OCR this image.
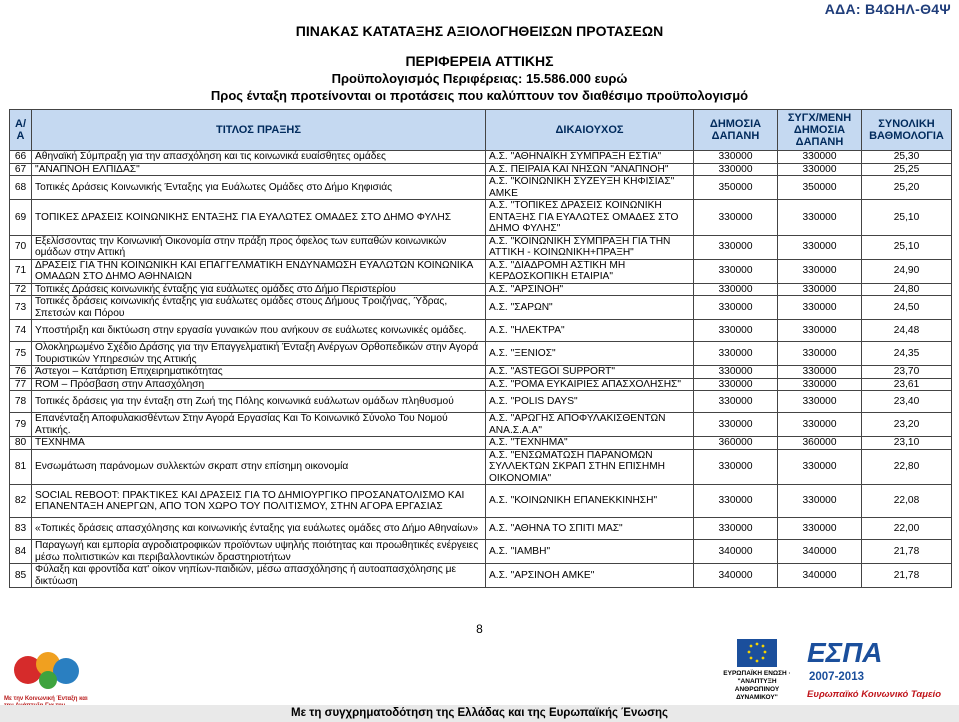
ΑΔΑ: Β4ΩΗΛ-Θ4Ψ
ΠΙΝΑΚΑΣ ΚΑΤΑΤΑΞΗΣ ΑΞΙΟΛΟΓΗΘΕΙΣΩΝ ΠΡΟΤΑΣΕΩΝ
ΠΕΡΙΦΕΡΕΙΑ ΑΤΤΙΚΗΣ
Προϋπολογισμός Περιφέρειας: 15.586.000 ευρώ
Προς ένταξη προτείνονται οι προτάσεις που καλύπτουν τον διαθέσιμο προϋπολογισμό
Α/Α	ΤΙΤΛΟΣ ΠΡΑΞΗΣ	ΔΙΚΑΙΟΥΧΟΣ	ΔΗΜΟΣΙΑ ΔΑΠΑΝΗ	ΣΥΓΧ/ΜΕΝΗ ΔΗΜΟΣΙΑ ΔΑΠΑΝΗ	ΣΥΝΟΛΙΚΗ ΒΑΘΜΟΛΟΓΙΑ
66	Αθηναϊκή Σύμπραξη για την απασχόληση και τις κοινωνικά ευαίσθητες ομάδες	Α.Σ. "ΑΘΗΝΑΪΚΗ ΣΥΜΠΡΑΞΗ ΕΣΤΙΑ"	330000	330000	25,30
67	"ΑΝΑΠΝΟΗ ΕΛΠΙΔΑΣ"	Α.Σ. ΠΕΙΡΑΙΑ ΚΑΙ ΝΗΣΩΝ "ΑΝΑΠΝΟΗ"	330000	330000	25,25
68	Τοπικές Δράσεις Κοινωνικής Ένταξης για Ευάλωτες Ομάδες στο Δήμο Κηφισιάς	Α.Σ. "ΚΟΙΝΩΝΙΚΗ ΣΥΖΕΥΞΗ ΚΗΦΙΣΙΑΣ" ΑΜΚΕ	350000	350000	25,20
69	ΤΟΠΙΚΕΣ ΔΡΑΣΕΙΣ ΚΟΙΝΩΝΙΚΗΣ ΕΝΤΑΞΗΣ ΓΙΑ ΕΥΑΛΩΤΕΣ ΟΜΑΔΕΣ ΣΤΟ ΔΗΜΟ ΦΥΛΗΣ	Α.Σ. "ΤΟΠΙΚΕΣ ΔΡΑΣΕΙΣ ΚΟΙΝΩΝΙΚΗ ΕΝΤΑΞΗΣ ΓΙΑ ΕΥΑΛΩΤΕΣ ΟΜΑΔΕΣ ΣΤΟ ΔΗΜΟ ΦΥΛΗΣ"	330000	330000	25,10
70	Εξελίσσοντας την Κοινωνική Οικονομία στην πράξη προς όφελος των ευπαθών κοινωνικών ομάδων στην Αττική	Α.Σ. "ΚΟΙΝΩΝΙΚΗ ΣΥΜΠΡΑΞΗ ΓΙΑ ΤΗΝ ΑΤΤΙΚΗ - ΚΟΙΝΩΝΙΚΗ+ΠΡΑΞΗ"	330000	330000	25,10
71	ΔΡΑΣΕΙΣ ΓΙΑ ΤΗΝ ΚΟΙΝΩΝΙΚΗ ΚΑΙ ΕΠΑΓΓΕΛΜΑΤΙΚΗ ΕΝΔΥΝΑΜΩΣΗ ΕΥΑΛΩΤΩΝ ΚΟΙΝΩΝΙΚΑ ΟΜΑΔΩΝ ΣΤΟ ΔΗΜΟ ΑΘΗΝΑΙΩΝ	Α.Σ. "ΔΙΑΔΡΟΜΗ ΑΣΤΙΚΗ ΜΗ ΚΕΡΔΟΣΚΟΠΙΚΗ ΕΤΑΙΡΙΑ"	330000	330000	24,90
72	Τοπικές Δράσεις κοινωνικής ένταξης για ευάλωτες ομάδες στο Δήμο Περιστερίου	Α.Σ. "ΑΡΣΙΝΟΗ"	330000	330000	24,80
73	Τοπικές δράσεις κοινωνικής ένταξης για ευάλωτες ομάδες στους Δήμους Τροιζήνας, Ύδρας, Σπετσών και Πόρου	Α.Σ. "ΣΑΡΩΝ"	330000	330000	24,50
74	Υποστήριξη και δικτύωση στην εργασία γυναικών που ανήκουν σε ευάλωτες κοινωνικές ομάδες.	Α.Σ. "ΗΛΕΚΤΡΑ"	330000	330000	24,48
75	Ολοκληρωμένο Σχέδιο Δράσης για την Επαγγελματική Ένταξη Ανέργων Ορθοπεδικών στην Αγορά Τουριστικών Υπηρεσιών της Αττικής	Α.Σ. "ΞΕΝΙΟΣ"	330000	330000	24,35
76	Άστεγοι – Κατάρτιση Επιχειρηματικότητας	Α.Σ. "ASTEGOI SUPPORT"	330000	330000	23,70
77	ROM – Πρόσβαση στην Απασχόληση	Α.Σ. "ΡΟΜΑ ΕΥΚΑΙΡΙΕΣ ΑΠΑΣΧΟΛΗΣΗΣ"	330000	330000	23,61
78	Τοπικές δράσεις για την ένταξη στη Ζωή της Πόλης κοινωνικά ευάλωτων ομάδων πληθυσμού	Α.Σ. "POLIS DAYS"	330000	330000	23,40
79	Επανένταξη Αποφυλακισθέντων Στην Αγορά Εργασίας Και Το Κοινωνικό Σύνολο Του Νομού Αττικής.	Α.Σ. "ΑΡΩΓΗΣ ΑΠΟΦΥΛΑΚΙΣΘΕΝΤΩΝ ΑΝΑ.Σ.Α.Α"	330000	330000	23,20
80	ΤΕΧΝΗΜΑ	Α.Σ. "ΤΕΧΝΗΜΑ"	360000	360000	23,10
81	Ενσωμάτωση παράνομων συλλεκτών σκραπ στην επίσημη οικονομία	Α.Σ. "ΕΝΣΩΜΑΤΩΣΗ ΠΑΡΑΝΟΜΩΝ ΣΥΛΛΕΚΤΩΝ ΣΚΡΑΠ ΣΤΗΝ ΕΠΙΣΗΜΗ ΟΙΚΟΝΟΜΙΑ"	330000	330000	22,80
82	SOCIAL REBOOT: ΠΡΑΚΤΙΚΕΣ ΚΑΙ ΔΡΑΣΕΙΣ ΓΙΑ ΤΟ ΔΗΜΙΟΥΡΓΙΚΟ ΠΡΟΣΑΝΑΤΟΛΙΣΜΟ ΚΑΙ ΕΠΑΝΕΝΤΑΞΗ ΑΝΕΡΓΩΝ, ΑΠΟ ΤΟΝ ΧΩΡΟ ΤΟΥ ΠΟΛΙΤΙΣΜΟΥ, ΣΤΗΝ ΑΓΟΡΑ ΕΡΓΑΣΙΑΣ	Α.Σ. "ΚΟΙΝΩΝΙΚΗ ΕΠΑΝΕΚΚΙΝΗΣΗ"	330000	330000	22,08
83	«Τοπικές δράσεις απασχόλησης και κοινωνικής ένταξης για ευάλωτες ομάδες στο Δήμο Αθηναίων»	Α.Σ. "ΑΘΗΝΑ ΤΟ ΣΠΙΤΙ ΜΑΣ"	330000	330000	22,00
84	Παραγωγή και εμπορία αγροδιατροφικών προϊόντων υψηλής ποιότητας και προωθητικές ενέργειες μέσω πολιτιστικών και περιβαλλοντικών δραστηριοτήτων	Α.Σ. "ΙΑΜΒΗ"	340000	340000	21,78
85	Φύλαξη και φροντίδα κατ' οίκον νηπίων-παιδιών, μέσω απασχόλησης ή αυτοαπασχόλησης με δικτύωση	Α.Σ. "ΑΡΣΙΝΟΗ ΑΜΚΕ"	340000	340000	21,78
8
Με την Κοινωνική Ένταξη και
Με τη συγχρηματοδότηση της Ελλάδας και της Ευρωπαϊκής Ένωσης
ΕΥΡΩΠΑΪΚΗ ΕΝΩΣΗ · "ΑΝΑΠΤΥΞΗ ΑΝΘΡΩΠΙΝΟΥ ΔΥΝΑΜΙΚΟΥ"
ΕΣΠΑ
2007-2013
Ευρωπαϊκό Κοινωνικό Ταμείο
